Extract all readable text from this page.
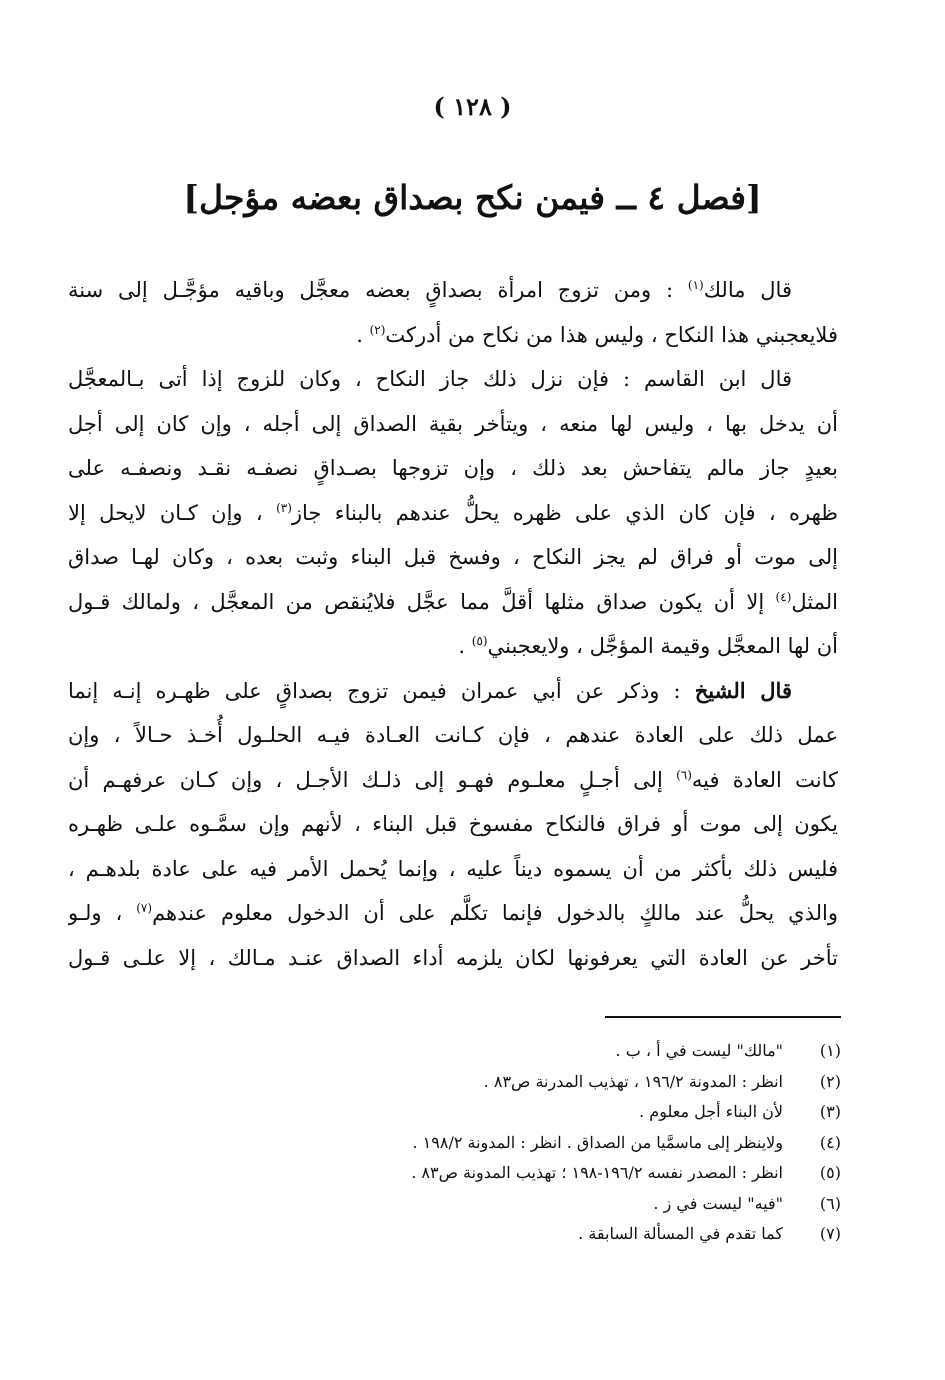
( ١٢٨ )
[فصل ٤ ــ فيمن نكح بصداق بعضه مؤجل]
قال مالك$^{(١)}$ : ومن تزوج امرأة بصداقٍ بعضه معجَّل وباقيه مؤجَّـل إلى سنة
فلايعجبني هذا النكاح ، وليس هذا من نكاح من أدركت$^{(٢)}$ .
قال ابن القاسم : فإن نزل ذلك جاز النكاح ، وكان للزوج إذا أتى بـالمعجَّل
أن يدخل بها ، وليس لها منعه ، ويتأخر بقية الصداق إلى أجله ، وإن كان إلى أجل
بعيدٍ جاز مالم يتفاحش بعد ذلك ، وإن تزوجها بصـداقٍ نصفـه نقـد ونصفـه على
ظهره ، فإن كان الذي على ظهره يحلُّ عندهم بالبناء جاز$^{(٣)}$ ، وإن كـان لايحل إلا
إلى موت أو فراق لم يجز النكاح ، وفسخ قبل البناء وثبت بعده ، وكان لهـا صداق
المثل$^{(٤)}$ إلا أن يكون صداق مثلها أقلَّ مما عجَّل فلايُنقص من المعجَّل ، ولمالك قـول
أن لها المعجَّل وقيمة المؤجَّل ، ولايعجبني$^{(٥)}$ .
قال الشيخ : وذكر عن أبي عمران فيمن تزوج بصداقٍ على ظهـره إنـه إنما
عمل ذلك على العادة عندهم ، فإن كـانت العـادة فيـه الحلـول أُخـذ حـالاً ، وإن
كانت العادة فيه$^{(٦)}$ إلى أجـلٍ معلـوم فهـو إلى ذلـك الأجـل ، وإن كـان عرفهـم أن
يكون إلى موت أو فراق فالنكاح مفسوخ قبل البناء ، لأنهم وإن سمَّـوه علـى ظهـره
فليس ذلك بأكثر من أن يسموه ديناً عليه ، وإنما يُحمل الأمر فيه على عادة بلدهـم ،
والذي يحلُّ عند مالكٍ بالدخول فإنما تكلَّم على أن الدخول معلوم عندهم$^{(٧)}$ ، ولـو
تأخر عن العادة التي يعرفونها لكان يلزمه أداء الصداق عنـد مـالك ، إلا علـى قـول
(١)
"مالك" ليست في أ ، ب .
(٢)
انظر : المدونة ١٩٦/٢ ، تهذيب المدرنة ص٨٣ .
(٣)
لأن البناء أجل معلوم .
(٤)
ولاينظر إلى ماسمَّيا من الصداق . انظر : المدونة ١٩٨/٢ .
(٥)
انظر : المصدر نفسه ١٩٦/٢-١٩٨ ؛ تهذيب المدونة ص٨٣ .
(٦)
"فيه" ليست في ز .
(٧)
كما تقدم في المسألة السابقة .
